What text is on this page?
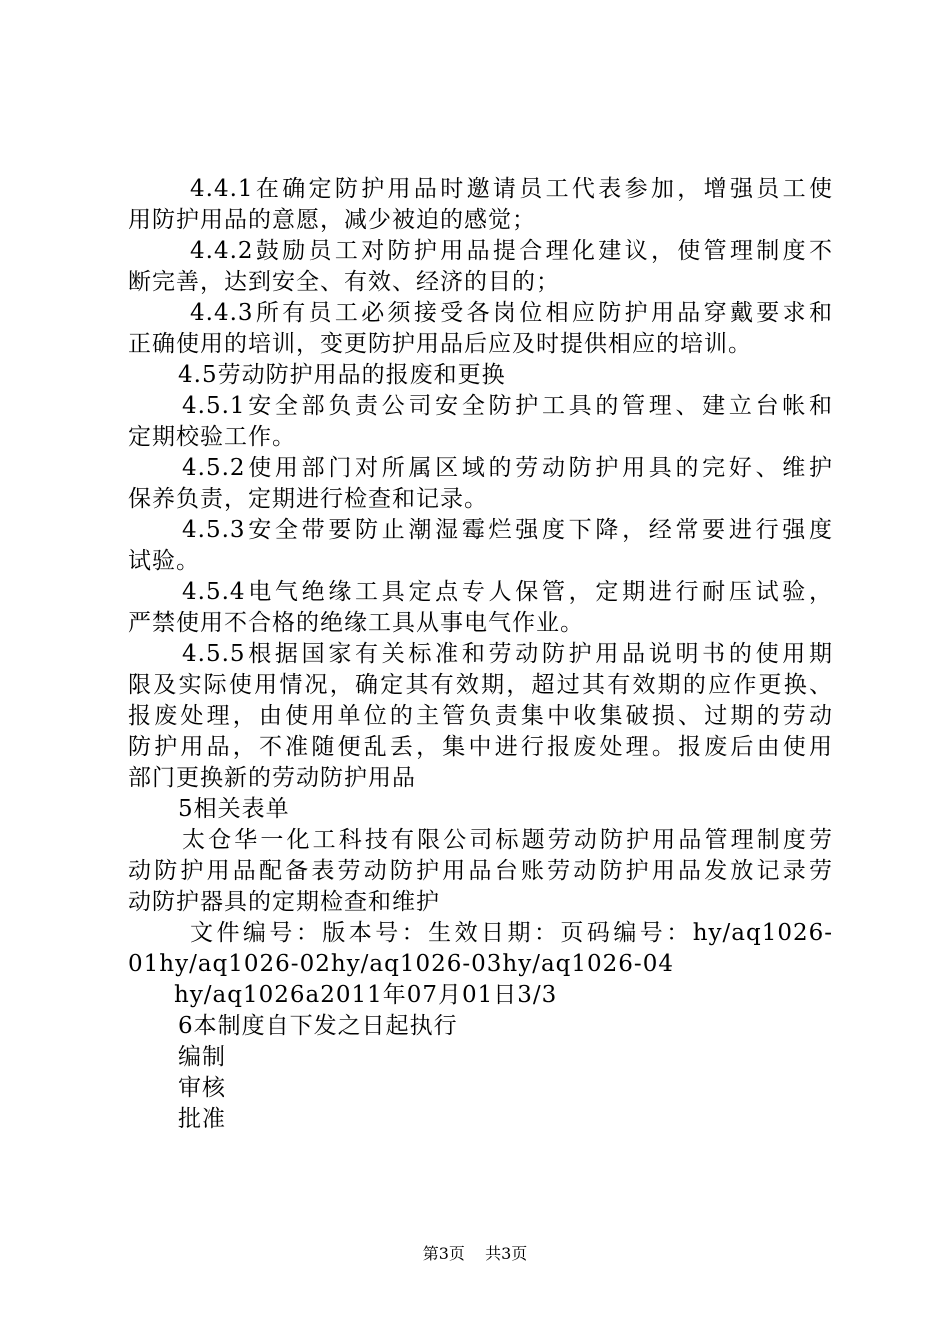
4.4.1在确定防护用品时邀请员工代表参加，增强员工使
用防护用品的意愿，减少被迫的感觉；
4.4.2鼓励员工对防护用品提合理化建议，使管理制度不
断完善，达到安全、有效、经济的目的；
4.4.3所有员工必须接受各岗位相应防护用品穿戴要求和
正确使用的培训，变更防护用品后应及时提供相应的培训。
4.5劳动防护用品的报废和更换
4.5.1安全部负责公司安全防护工具的管理、建立台帐和
定期校验工作。
4.5.2使用部门对所属区域的劳动防护用具的完好、维护
保养负责，定期进行检查和记录。
4.5.3安全带要防止潮湿霉烂强度下降，经常要进行强度
试验。
4.5.4电气绝缘工具定点专人保管，定期进行耐压试验，
严禁使用不合格的绝缘工具从事电气作业。
4.5.5根据国家有关标准和劳动防护用品说明书的使用期
限及实际使用情况，确定其有效期，超过其有效期的应作更换、
报废处理，由使用单位的主管负责集中收集破损、过期的劳动
防护用品，不准随便乱丢，集中进行报废处理。报废后由使用
部门更换新的劳动防护用品
5相关表单
太仓华一化工科技有限公司标题劳动防护用品管理制度劳
动防护用品配备表劳动防护用品台账劳动防护用品发放记录劳
动防护器具的定期检查和维护
文件编号：版本号：生效日期：页码编号：hy/aq1026-
01hy/aq1026-02hy/aq1026-03hy/aq1026-04
hy/aq1026a2011年07月01日3/3
6本制度自下发之日起执行
编制
审核
批准
第3页 共3页
